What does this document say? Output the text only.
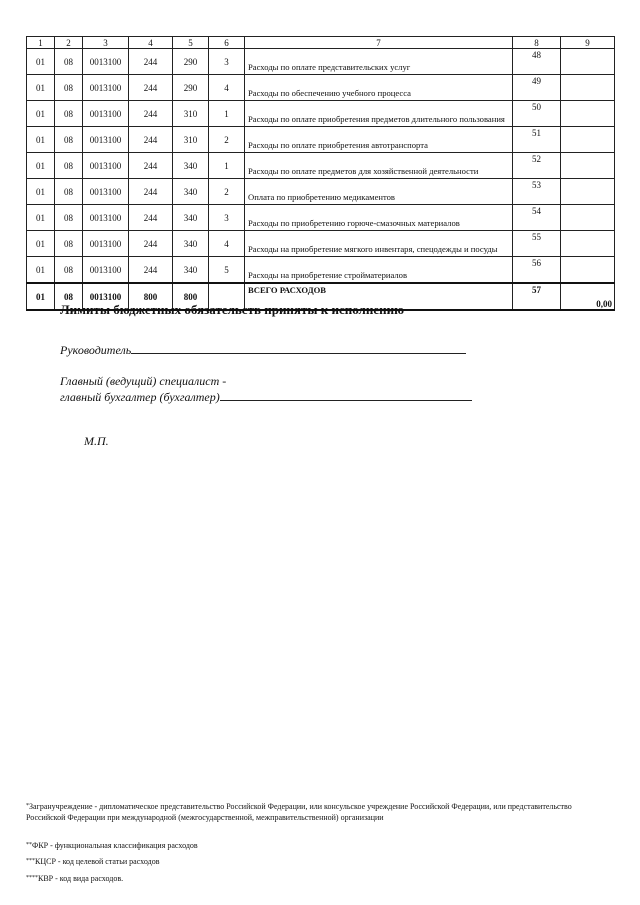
1	2	3	4	5	6	7	8	9
01	08	0013100	244	290	3	Расходы по оплате представительских услуг	48	
01	08	0013100	244	290	4	Расходы по обеспечению учебного процесса	49	
01	08	0013100	244	310	1	Расходы по оплате приобретения предметов длительного пользования	50	
01	08	0013100	244	310	2	Расходы по оплате приобретения автотранспорта	51	
01	08	0013100	244	340	1	Расходы по оплате предметов для хозяйственной деятельности	52	
01	08	0013100	244	340	2	Оплата по приобретению медикаментов	53	
01	08	0013100	244	340	3	Расходы по приобретению горюче-смазочных материалов	54	
01	08	0013100	244	340	4	Расходы на приобретение мягкого инвентаря, спецодежды и посуды	55	
01	08	0013100	244	340	5	Расходы на приобретение стройматериалов	56	
01	08	0013100	800	800		ВСЕГО РАСХОДОВ	57	0,00
Лимиты бюджетных обязательств приняты к исполнению
Руководитель
Главный (ведущий) специалист -
главный бухгалтер (бухгалтер)
М.П.
*Загранучреждение - дипломатическое представительство Российской Федерации, или консульское учреждение Российской Федерации, или представительство Российской Федерации при международной (межгосударственной, межправительственной) организации
**ФКР - функциональная классификация расходов
***КЦСР - код целевой статьи расходов
****КВР - код вида расходов.
